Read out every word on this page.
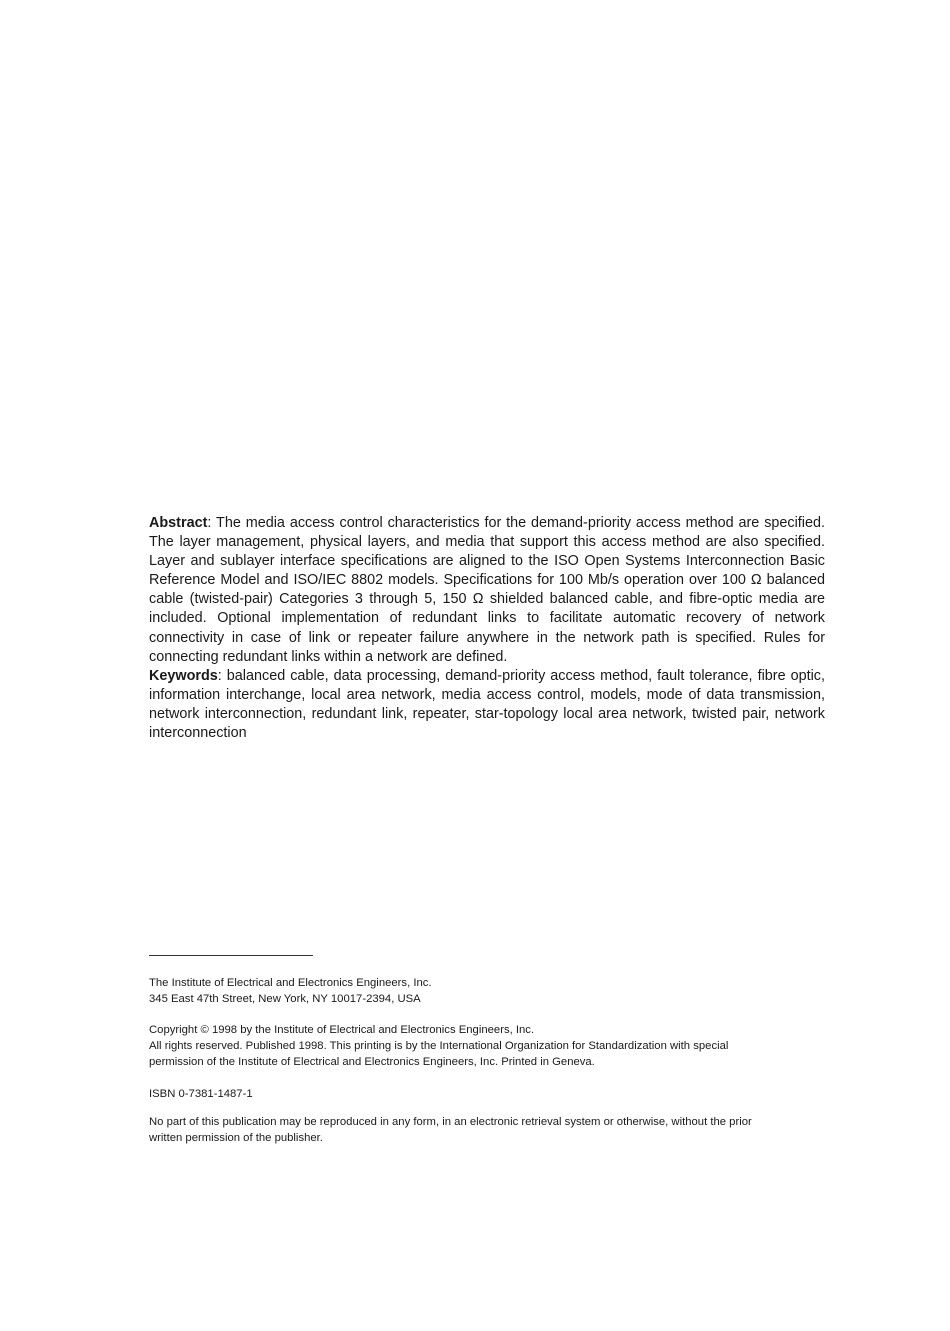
Abstract: The media access control characteristics for the demand-priority access method are specified. The layer management, physical layers, and media that support this access method are also specified. Layer and sublayer interface specifications are aligned to the ISO Open Systems Interconnection Basic Reference Model and ISO/IEC 8802 models. Specifications for 100 Mb/s operation over 100 Ω balanced cable (twisted-pair) Categories 3 through 5, 150 Ω shielded balanced cable, and fibre-optic media are included. Optional implementation of redundant links to facilitate automatic recovery of network connectivity in case of link or repeater failure anywhere in the network path is specified. Rules for connecting redundant links within a network are defined.

Keywords: balanced cable, data processing, demand-priority access method, fault tolerance, fibre optic, information interchange, local area network, media access control, models, mode of data transmission, network interconnection, redundant link, repeater, star-topology local area network, twisted pair, network interconnection

The Institute of Electrical and Electronics Engineers, Inc.

345 East 47th Street, New York, NY 10017-2394, USA

Copyright © 1998 by the Institute of Electrical and Electronics Engineers, Inc.

All rights reserved. Published 1998. This printing is by the International Organization for Standardization with special

permission of the Institute of Electrical and Electronics Engineers, Inc. Printed in Geneva.

ISBN 0-7381-1487-1

No part of this publication may be reproduced in any form, in an electronic retrieval system or otherwise, without the prior

written permission of the publisher.
